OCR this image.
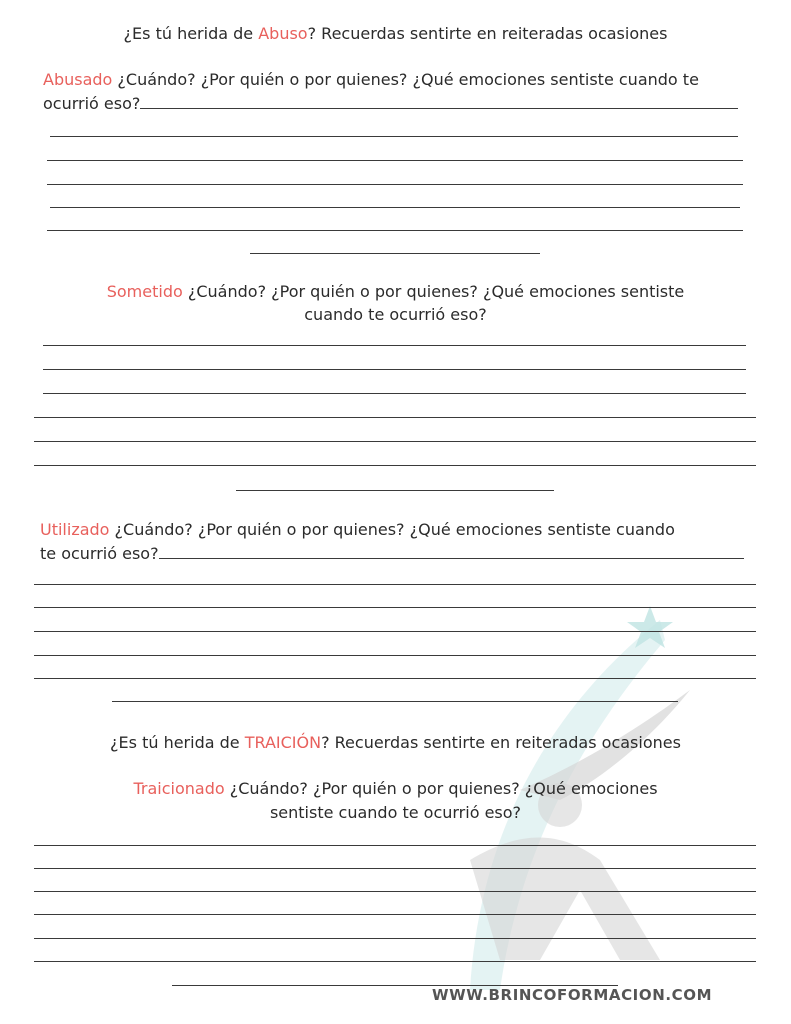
¿Es tú herida de Abuso? Recuerdas sentirte en reiteradas ocasiones

Abusado ¿Cuándo? ¿Por quién o por quienes? ¿Qué emociones sentiste cuando te

ocurrió eso?

Sometido ¿Cuándo? ¿Por quién o por quienes? ¿Qué emociones sentiste

cuando te ocurrió eso?

Utilizado ¿Cuándo? ¿Por quién o por quienes? ¿Qué emociones sentiste cuando

te ocurrió eso?

¿Es tú herida de TRAICIÓN? Recuerdas sentirte en reiteradas ocasiones

Traicionado ¿Cuándo? ¿Por quién o por quienes? ¿Qué emociones

sentiste cuando te ocurrió eso?

WWW.BRINCOFORMACION.COM
